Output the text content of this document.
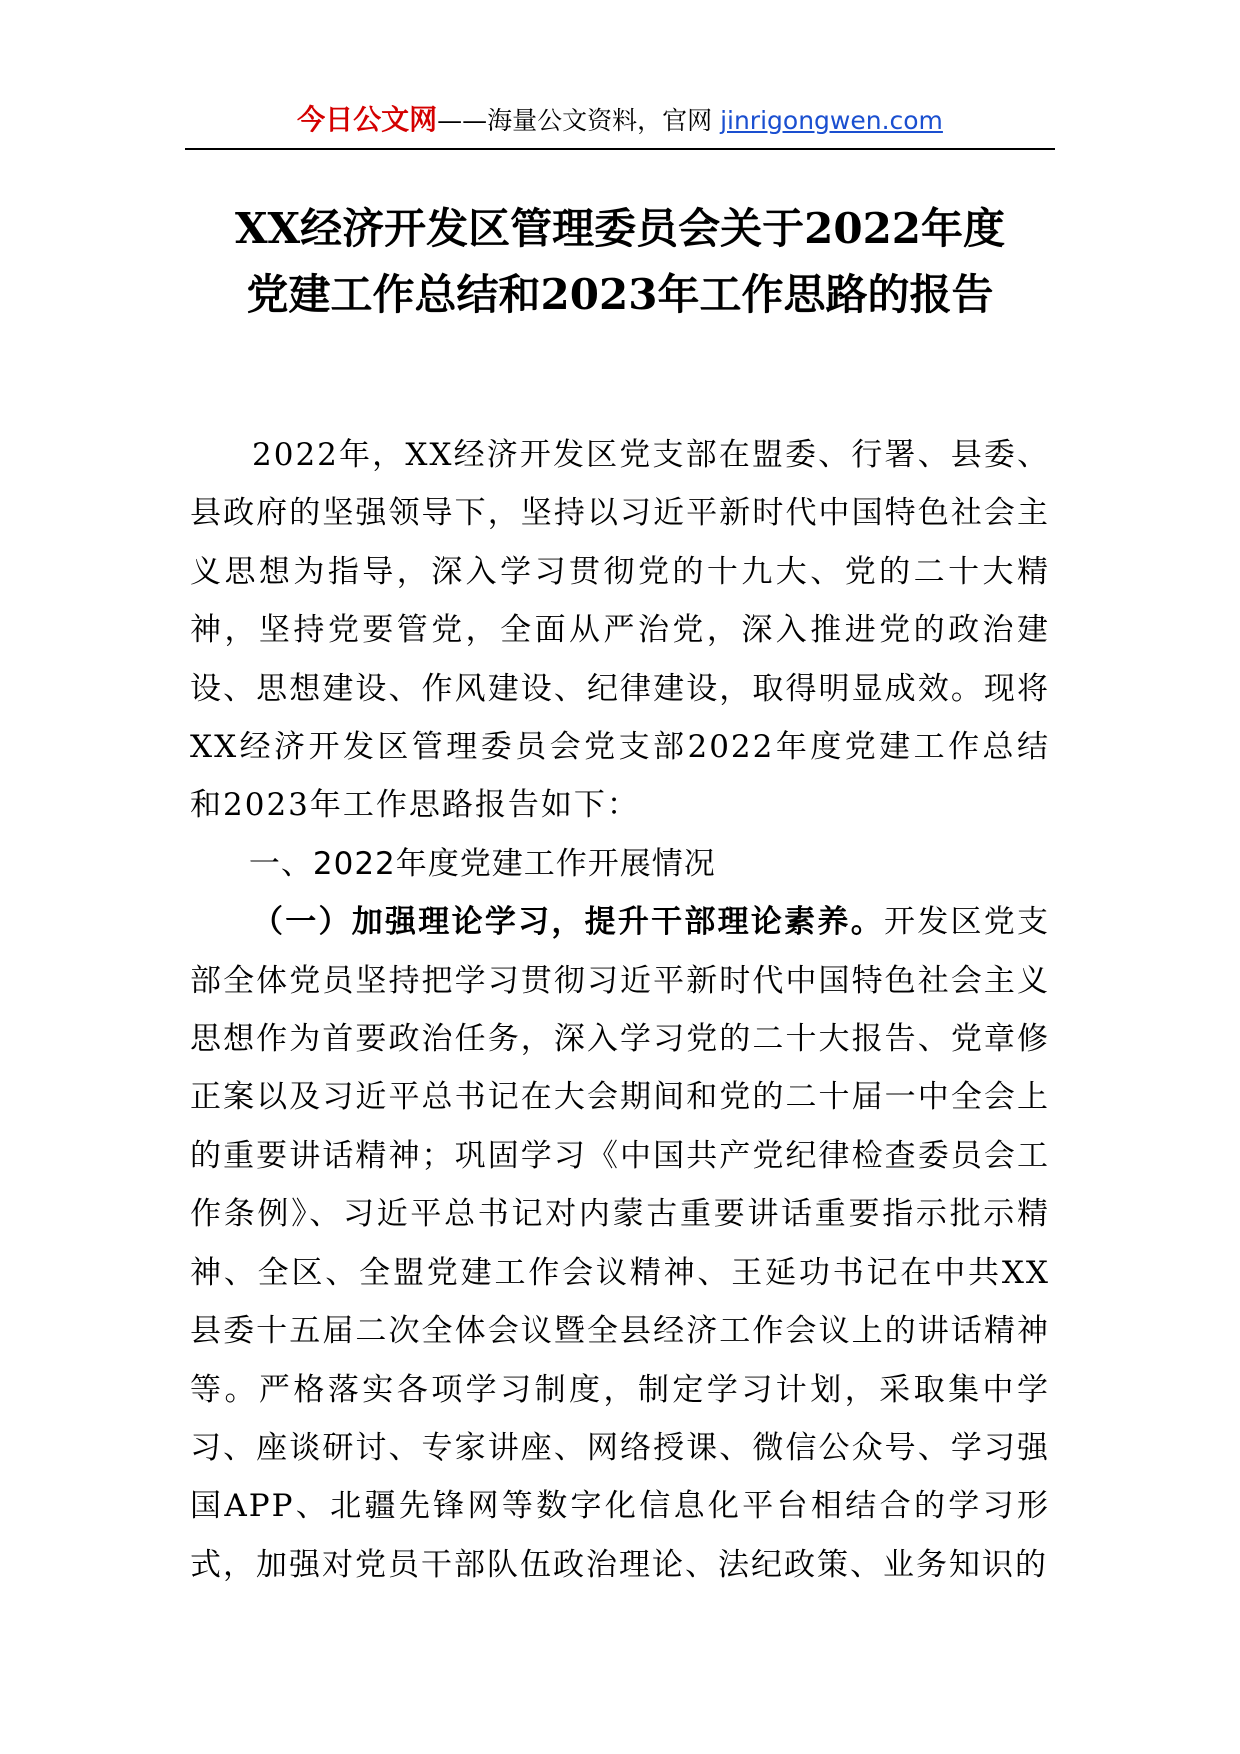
今日公文网——海量公文资料，官网 jinrigongwen.com
XX经济开发区管理委员会关于2022年度
党建工作总结和2023年工作思路的报告

2022年，XX经济开发区党支部在盟委、行署、县委、县政府的坚强领导下，坚持以习近平新时代中国特色社会主义思想为指导，深入学习贯彻党的十九大、党的二十大精神，坚持党要管党，全面从严治党，深入推进党的政治建设、思想建设、作风建设、纪律建设，取得明显成效。现将XX经济开发区管理委员会党支部2022年度党建工作总结和2023年工作思路报告如下：

一、2022年度党建工作开展情况

（一）加强理论学习，提升干部理论素养。开发区党支部全体党员坚持把学习贯彻习近平新时代中国特色社会主义思想作为首要政治任务，深入学习党的二十大报告、党章修正案以及习近平总书记在大会期间和党的二十届一中全会上的重要讲话精神；巩固学习《中国共产党纪律检查委员会工作条例》、习近平总书记对内蒙古重要讲话重要指示批示精神、全区、全盟党建工作会议精神、王延功书记在中共XX县委十五届二次全体会议暨全县经济工作会议上的讲话精神等。严格落实各项学习制度，制定学习计划，采取集中学习、座谈研讨、专家讲座、网络授课、微信公众号、学习强国APP、北疆先锋网等数字化信息化平台相结合的学习形式，加强对党员干部队伍政治理论、法纪政策、业务知识的
